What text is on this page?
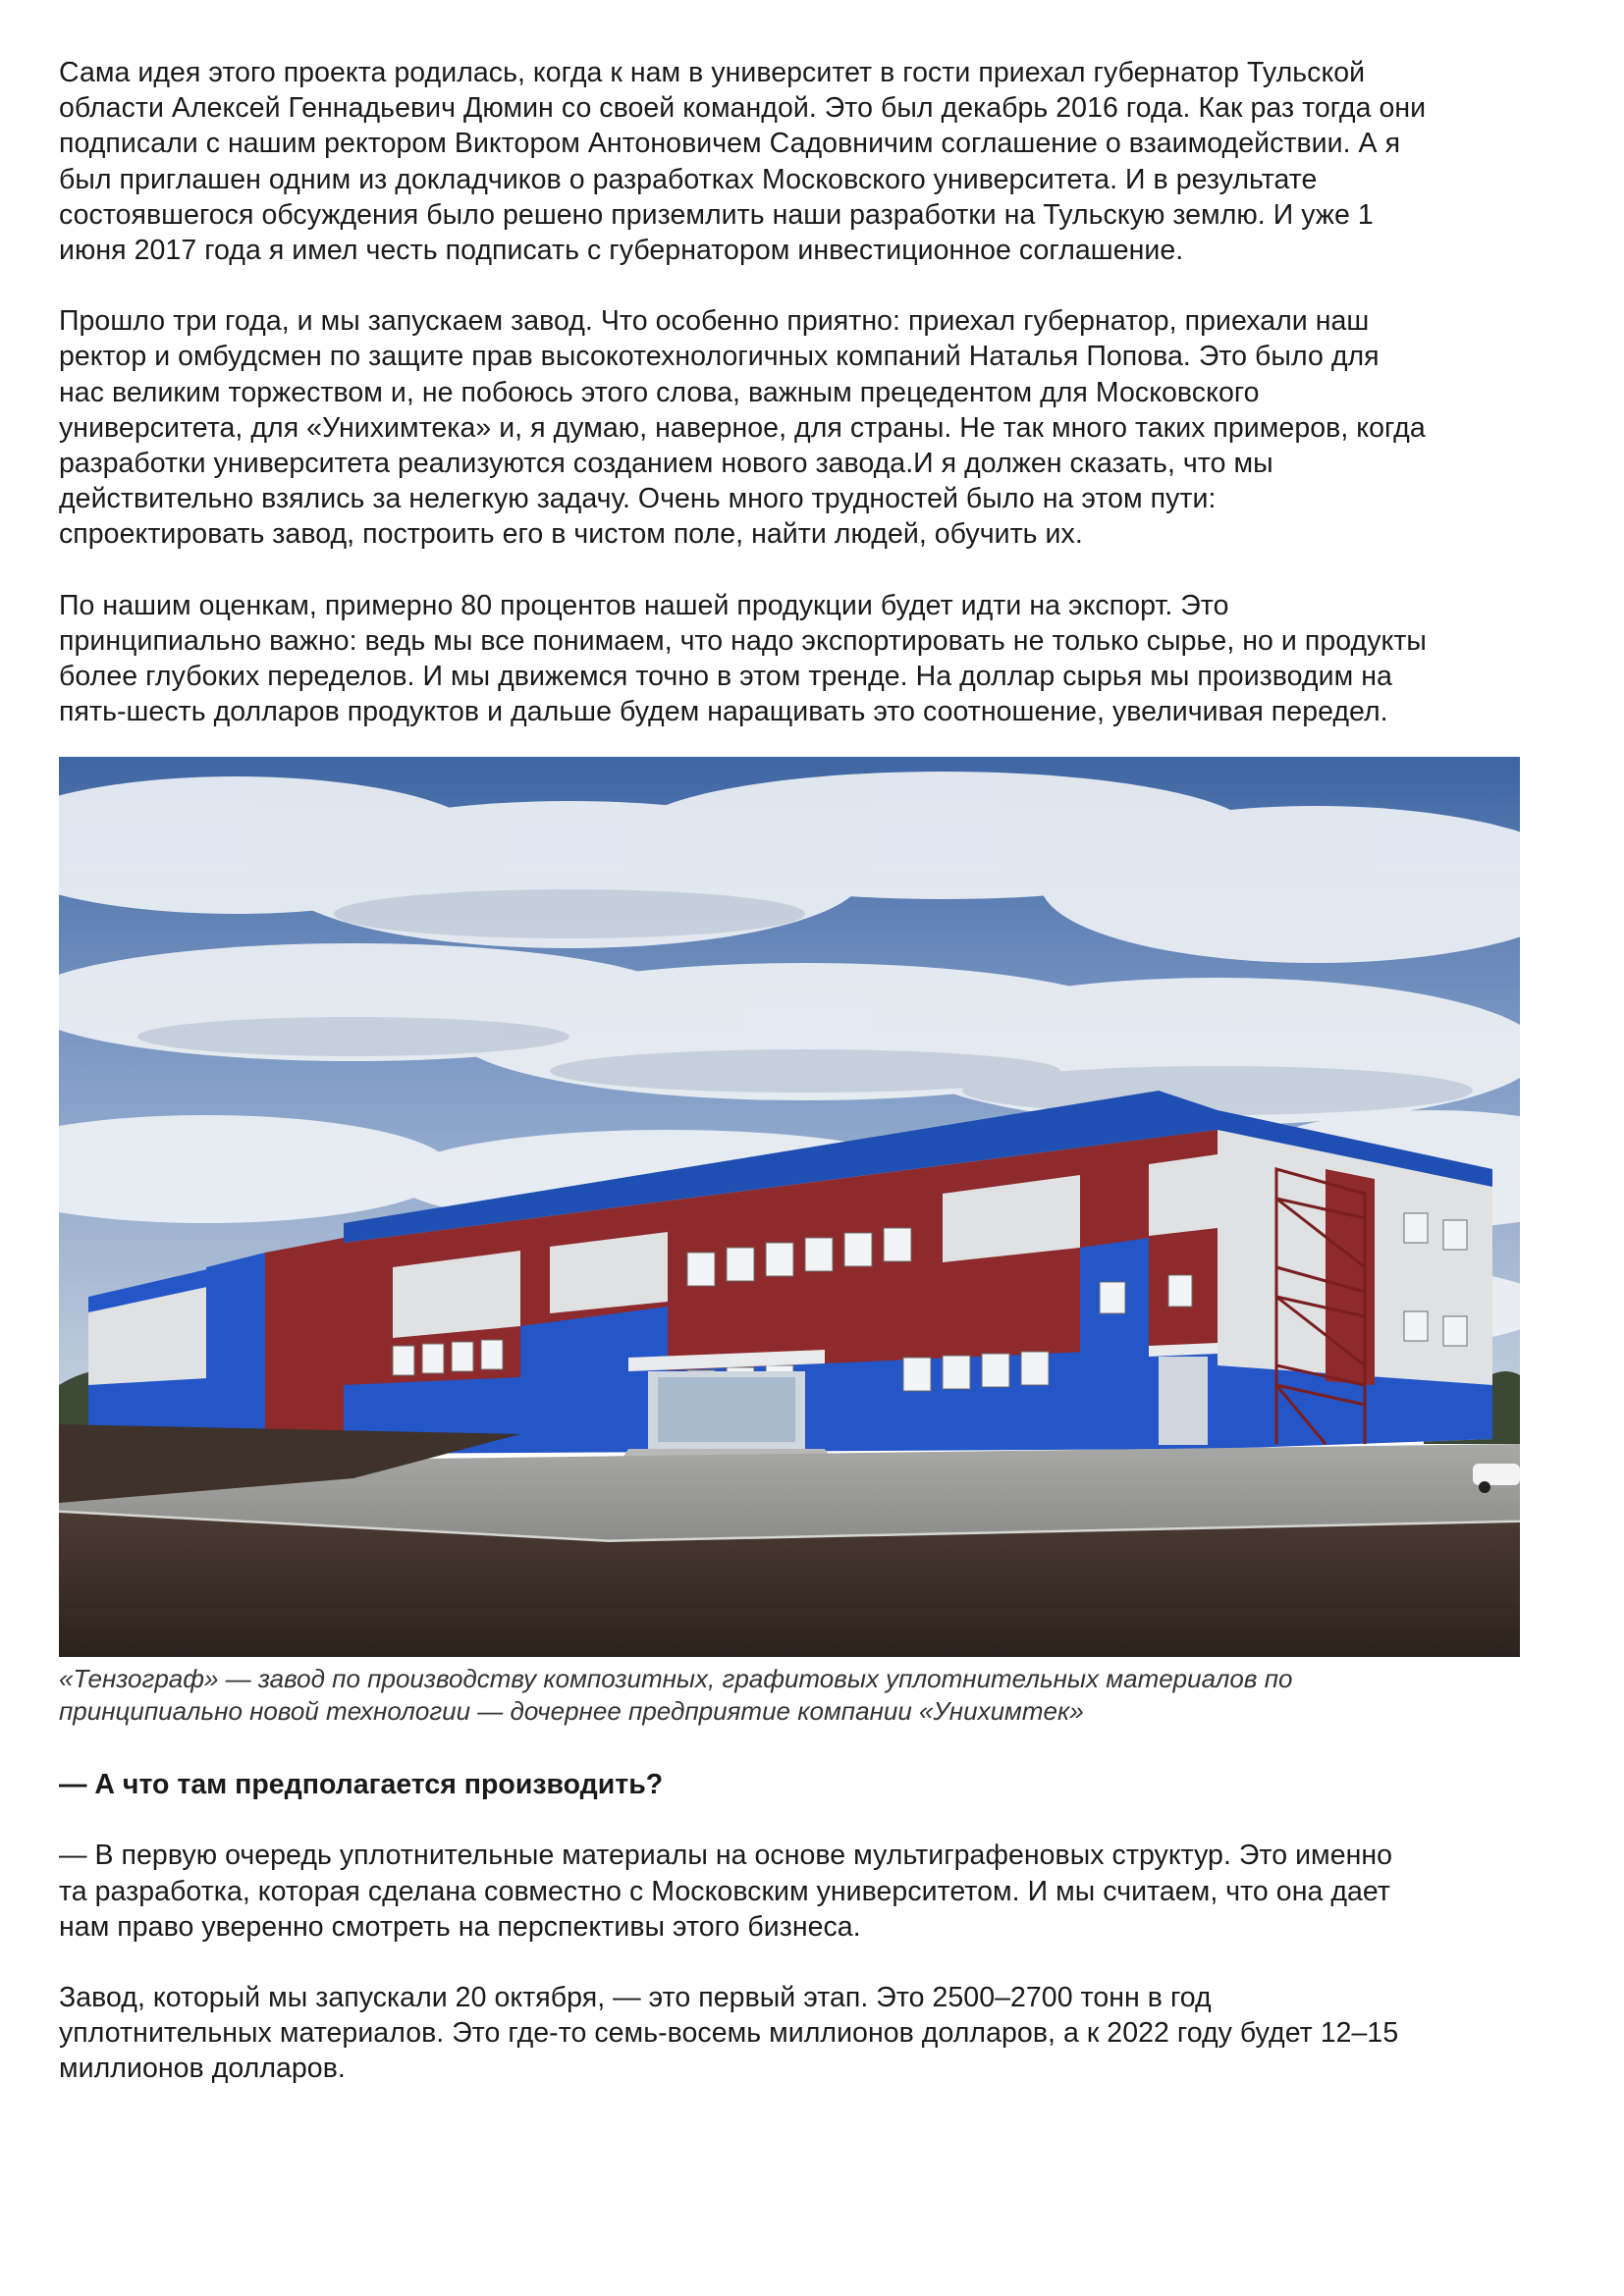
Сама идея этого проекта родилась, когда к нам в университет в гости приехал губернатор Тульской
области Алексей Геннадьевич Дюмин со своей командой. Это был декабрь 2016 года. Как раз тогда они
подписали с нашим ректором Виктором Антоновичем Садовничим соглашение о взаимодействии. А я
был приглашен одним из докладчиков о разработках Московского университета. И в результате
состоявшегося обсуждения было решено приземлить наши разработки на Тульскую землю. И уже 1
июня 2017 года я имел честь подписать с губернатором инвестиционное соглашение.

Прошло три года, и мы запускаем завод. Что особенно приятно: приехал губернатор, приехали наш
ректор и омбудсмен по защите прав высокотехнологичных компаний Наталья Попова. Это было для
нас великим торжеством и, не побоюсь этого слова, важным прецедентом для Московского
университета, для «Унихимтека» и, я думаю, наверное, для страны. Не так много таких примеров, когда
разработки университета реализуются созданием нового завода.И я должен сказать, что мы
действительно взялись за нелегкую задачу. Очень много трудностей было на этом пути:
спроектировать завод, построить его в чистом поле, найти людей, обучить их.

По нашим оценкам, примерно 80 процентов нашей продукции будет идти на экспорт. Это
принципиально важно: ведь мы все понимаем, что надо экспортировать не только сырье, но и продукты
более глубоких переделов. И мы движемся точно в этом тренде. На доллар сырья мы производим на
пять-шесть долларов продуктов и дальше будем наращивать это соотношение, увеличивая передел.

«Тензограф» — завод по производству композитных, графитовых уплотнительных материалов по
принципиально новой технологии — дочернее предприятие компании «Унихимтек»

— А что там предполагается производить?

— В первую очередь уплотнительные материалы на основе мультиграфеновых структур. Это именно
та разработка, которая сделана совместно с Московским университетом. И мы считаем, что она дает
нам право уверенно смотреть на перспективы этого бизнеса.

Завод, который мы запускали 20 октября, — это первый этап. Это 2500–2700 тонн в год
уплотнительных материалов. Это где-то семь-восемь миллионов долларов, а к 2022 году будет 12–15
миллионов долларов.
